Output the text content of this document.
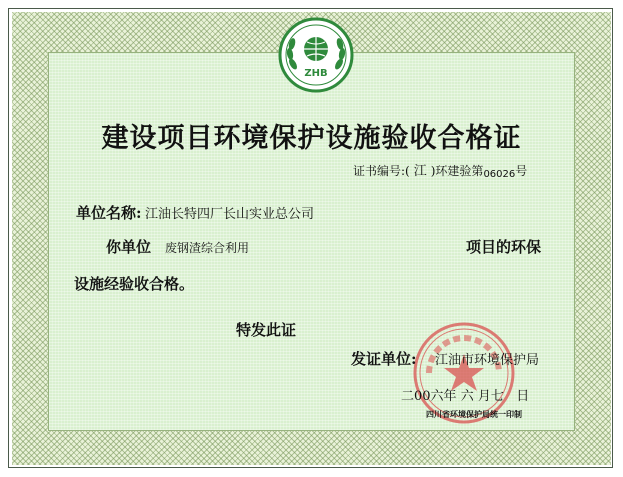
ZHB
建设项目环境保护设施验收合格证
证书编号:( 江 )环建验第06026号
单位名称: 江油长特四厂长山实业总公司
你单位 废钢渣综合利用	项目的环保
设施经验收合格。
特发此证
发证单位: 江油市环境保护局
二00六年 六 月七 日
四川省环境保护局统一印制
